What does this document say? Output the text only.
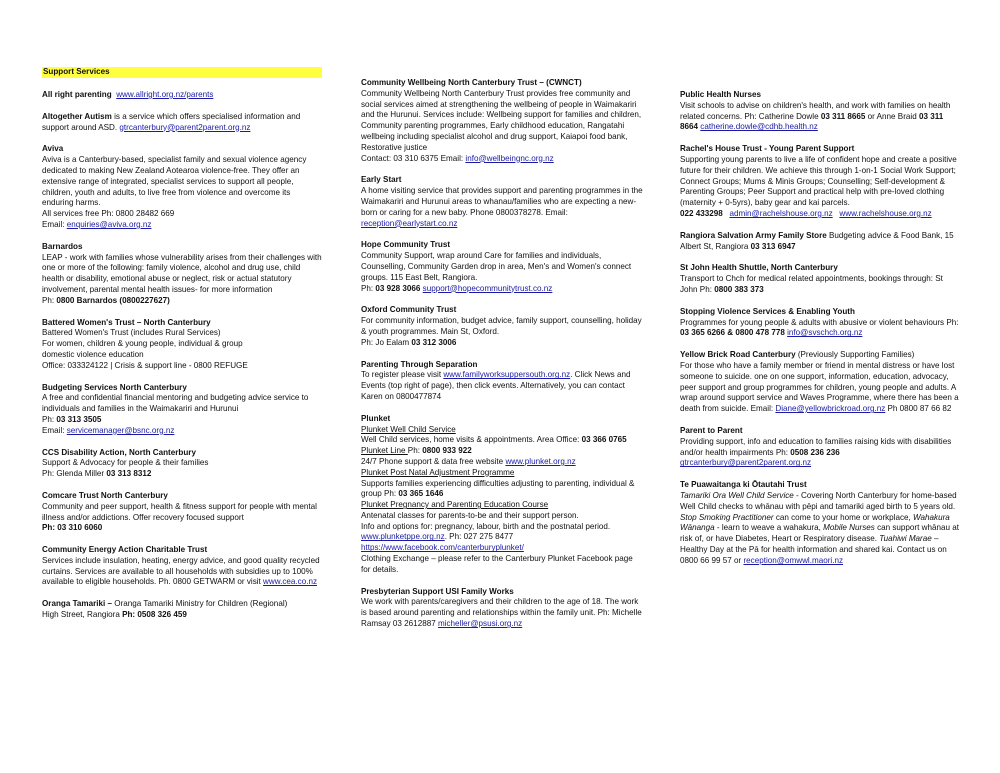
Support Services
All right parenting www.allright.org.nz/parents
Altogether Autism is a service which offers specialised information and support around ASD. gtrcanterbury@parent2parent.org.nz

Aviva

Aviva is a Canterbury-based, specialist family and sexual violence agency dedicated to making New Zealand Aotearoa violence-free. They offer an extensive range of integrated, specialist services to support all people, children, youth and adults, to live free from violence and overcome its enduring harms.

All services free Ph: 0800 28482 669

Email: enquiries@aviva.org.nz

Barnardos

LEAP - work with families whose vulnerability arises from their challenges with one or more of the following: family violence, alcohol and drug use, child health or disability, emotional abuse or neglect, risk or actual statutory involvement, parental mental health issues- for more information

Ph: 0800 Barnardos (0800227627)

Battered Women's Trust – North Canterbury

Battered Women's Trust (includes Rural Services)

For women, children & young people, individual & group

domestic violence education

Office: 033324122 | Crisis & support line - 0800 REFUGE

Budgeting Services North Canterbury

A free and confidential financial mentoring and budgeting advice service to individuals and families in the Waimakariri and Hurunui

Ph: 03 313 3505

Email: servicemanager@bsnc.org.nz

CCS Disability Action, North Canterbury

Support & Advocacy for people & their families

Ph: Glenda Miller 03 313 8312

Comcare Trust North Canterbury

Community and peer support, health & fitness support for people with mental illness and/or addictions. Offer recovery focused support

Ph: 03 310 6060

Community Energy Action Charitable Trust

Services include insulation, heating, energy advice, and good quality recycled curtains. Services are available to all households with subsidies up to 100% available to eligible households. Ph. 0800 GETWARM or visit www.cea.co.nz

Oranga Tamariki – Oranga Tamariki Ministry for Children (Regional)

High Street, Rangiora Ph: 0508 326 459

Community Wellbeing North Canterbury Trust – (CWNCT)

Community Wellbeing North Canterbury Trust provides free community and social services aimed at strengthening the wellbeing of people in Waimakariri and the Hurunui. Services include: Wellbeing support for families and children, Community parenting programmes, Early childhood education, Rangatahi wellbeing including specialist alcohol and drug support, Kaiapoi food bank, Restorative justice

Contact: 03 310 6375 Email: info@wellbeingnc.org.nz

Early Start

A home visiting service that provides support and parenting programmes in the Waimakariri and Hurunui areas to whanau/families who are expecting a new-born or caring for a new baby. Phone 0800378278. Email: reception@earlystart.co.nz

Hope Community Trust

Community Support, wrap around Care for families and individuals, Counselling, Community Garden drop in area, Men's and Women's connect groups. 115 East Belt, Rangiora.

Ph: 03 928 3066 support@hopecommunitytrust.co.nz

Oxford Community Trust

For community information, budget advice, family support, counselling, holiday & youth programmes. Main St, Oxford.

Ph: Jo Ealam 03 312 3006

Parenting Through Separation

To register please visit www.familyworksuppersouth.org.nz. Click News and Events (top right of page), then click events. Alternatively, you can contact Karen on 0800477874

Plunket

Plunket Well Child Service

Well Child services, home visits & appointments. Area Office: 03 366 0765

Plunket Line Ph: 0800 933 922

24/7 Phone support & data free website www.plunket.org.nz

Plunket Post Natal Adjustment Programme

Supports families experiencing difficulties adjusting to parenting, individual & group Ph: 03 365 1646

Plunket Pregnancy and Parenting Education Course

Antenatal classes for parents-to-be and their support person.

Info and options for: pregnancy, labour, birth and the postnatal period. www.plunketppe.org.nz. Ph: 027 275 8477

https://www.facebook.com/canterburyplunket/

Clothing Exchange – please refer to the Canterbury Plunket Facebook page for details.

Presbyterian Support USI Family Works

We work with parents/caregivers and their children to the age of 18. The work is based around parenting and relationships within the family unit. Ph: Michelle Ramsay 03 2612887 micheller@psusi.org.nz

Public Health Nurses

Visit schools to advise on children's health, and work with families on health related concerns. Ph: Catherine Dowle 03 311 8665 or Anne Braid 03 311 8664 catherine.dowle@cdhb.health.nz

Rachel's House Trust - Young Parent Support

Supporting young parents to live a life of confident hope and create a positive future for their children. We achieve this through 1-on-1 Social Work Support; Connect Groups; Mums & Minis Groups; Counselling; Self-development & Parenting Groups; Peer Support and practical help with pre-loved clothing (maternity + 0-5yrs), baby gear and kai parcels.

022 433298 admin@rachelshouse.org.nz www.rachelshouse.org.nz

Rangiora Salvation Army Family Store Budgeting advice & Food Bank, 15 Albert St, Rangiora 03 313 6947

St John Health Shuttle, North Canterbury

Transport to Chch for medical related appointments, bookings through: St John Ph: 0800 383 373

Stopping Violence Services & Enabling Youth

Programmes for young people & adults with abusive or violent behaviours Ph: 03 365 6266 & 0800 478 778 info@svschch.org.nz

Yellow Brick Road Canterbury (Previously Supporting Families)

For those who have a family member or friend in mental distress or have lost someone to suicide. one on one support, information, education, advocacy, peer support and group programmes for children, young people and adults. A wrap around support service and Waves Programme, where there has been a death from suicide. Email: Diane@yellowbrickroad.org.nz Ph 0800 87 66 82

Parent to Parent

Providing support, info and education to families raising kids with disabilities and/or health impairments Ph: 0508 236 236

gtrcanterbury@parent2parent.org.nz

Te Puawaitanga ki Ōtautahi Trust

Tamariki Ora Well Child Service - Covering North Canterbury for home-based Well Child checks to whānau with pēpi and tamariki aged birth to 5 years old. Stop Smoking Practitioner can come to your home or workplace, Wahakura Wānanga - learn to weave a wahakura, Mobile Nurses can support whānau at risk of, or have Diabetes, Heart or Respiratory disease. Tuahiwi Marae – Healthy Day at the Pā for health information and shared kai. Contact us on 0800 66 99 57 or reception@omwwl.maori.nz
